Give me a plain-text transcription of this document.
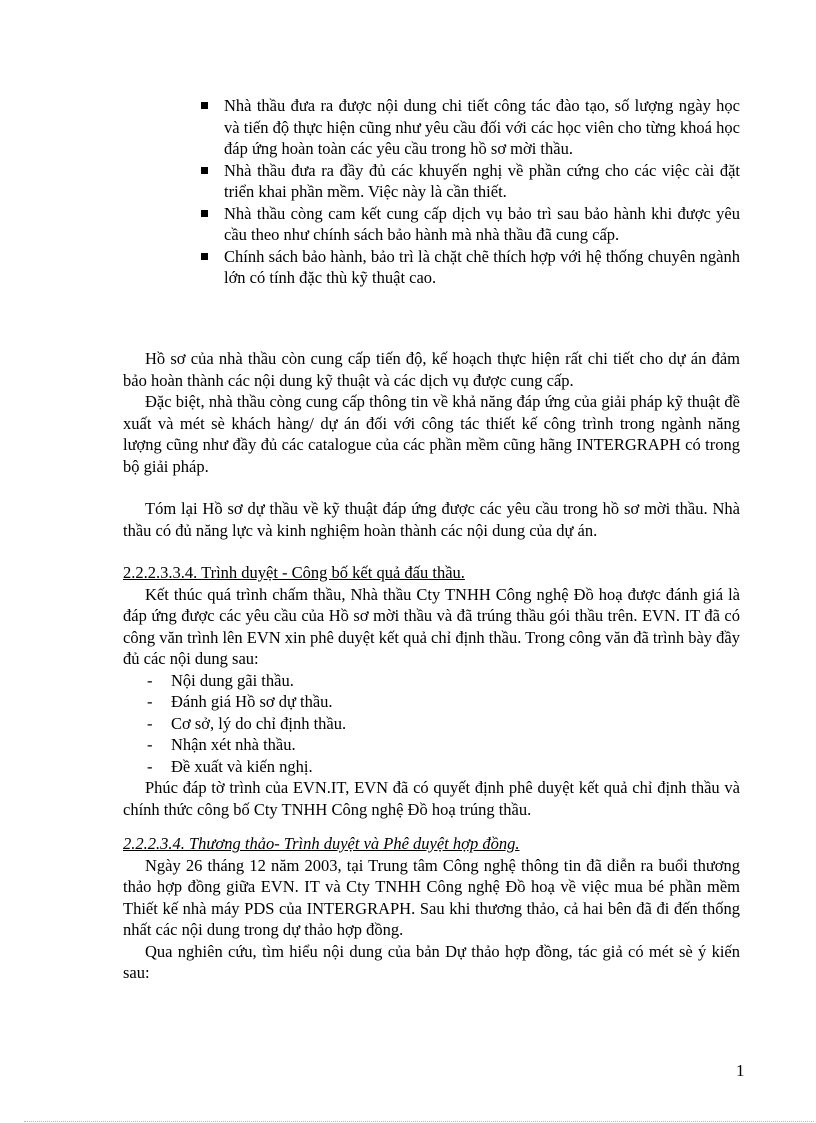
Nhà thầu đưa ra được nội dung chi tiết công tác đào tạo, số lượng ngày học và tiến độ thực hiện cũng như yêu cầu đối với các học viên cho từng khoá học đáp ứng hoàn toàn các yêu cầu trong hồ sơ mời thầu.
Nhà thầu đưa ra đầy đủ các khuyến nghị về phần cứng cho các việc cài đặt triển khai phần mềm. Việc này là cần thiết.
Nhà thầu còng cam kết cung cấp dịch vụ bảo trì sau bảo hành khi được yêu cầu theo như chính sách bảo hành mà nhà thầu đã cung cấp.
Chính sách bảo hành, bảo trì là chặt chẽ thích hợp với hệ thống chuyên ngành lớn có tính đặc thù kỹ thuật cao.

Hồ sơ của nhà thầu còn cung cấp tiến độ, kế hoạch thực hiện rất chi tiết cho dự án đảm bảo hoàn thành các nội dung kỹ thuật và các dịch vụ được cung cấp.

Đặc biệt, nhà thầu còng cung cấp thông tin về khả năng đáp ứng của giải pháp kỹ thuật đề xuất và mét sè khách hàng/ dự án đối với công tác thiết kế công trình trong ngành năng lượng cũng như đầy đủ các catalogue của các phần mềm cũng hãng INTERGRAPH có trong bộ giải pháp.

Tóm lại Hồ sơ dự thầu về kỹ thuật đáp ứng được các yêu cầu trong hồ sơ mời thầu. Nhà thầu có đủ năng lực và kinh nghiệm hoàn thành các nội dung của dự án.

2.2.2.3.3.4. Trình duyệt - Công bố kết quả đấu thầu.

Kết thúc quá trình chấm thầu, Nhà thầu Cty TNHH Công nghệ Đồ hoạ được đánh giá là đáp ứng được các yêu cầu của Hồ sơ mời thầu và đã trúng thầu gói thầu trên. EVN. IT đã có công văn trình lên EVN xin phê duyệt kết quả chỉ định thầu. Trong công văn đã trình bày đầy đủ các nội dung sau:

- Nội dung gãi thầu.
- Đánh giá Hồ sơ dự thầu.
- Cơ sở, lý do chỉ định thầu.
- Nhận xét nhà thầu.
- Đề xuất và kiến nghị.

Phúc đáp tờ trình của EVN.IT, EVN đã có quyết định phê duyệt kết quả chỉ định thầu và chính thức công bố Cty TNHH Công nghệ Đồ hoạ trúng thầu.

2.2.2.3.4. Thương thảo- Trình duyệt và Phê duyệt hợp đồng.

Ngày 26 tháng 12 năm 2003, tại Trung tâm Công nghệ thông tin đã diễn ra buổi thương thảo hợp đồng giữa EVN. IT và Cty TNHH Công nghệ Đồ hoạ về việc mua bé phần mềm Thiết kế nhà máy PDS của INTERGRAPH. Sau khi thương thảo, cả hai bên đã đi đến thống nhất các nội dung trong dự thảo hợp đồng.

Qua nghiên cứu, tìm hiểu nội dung của bản Dự thảo hợp đồng, tác giả có mét sè ý kiến sau:

1
